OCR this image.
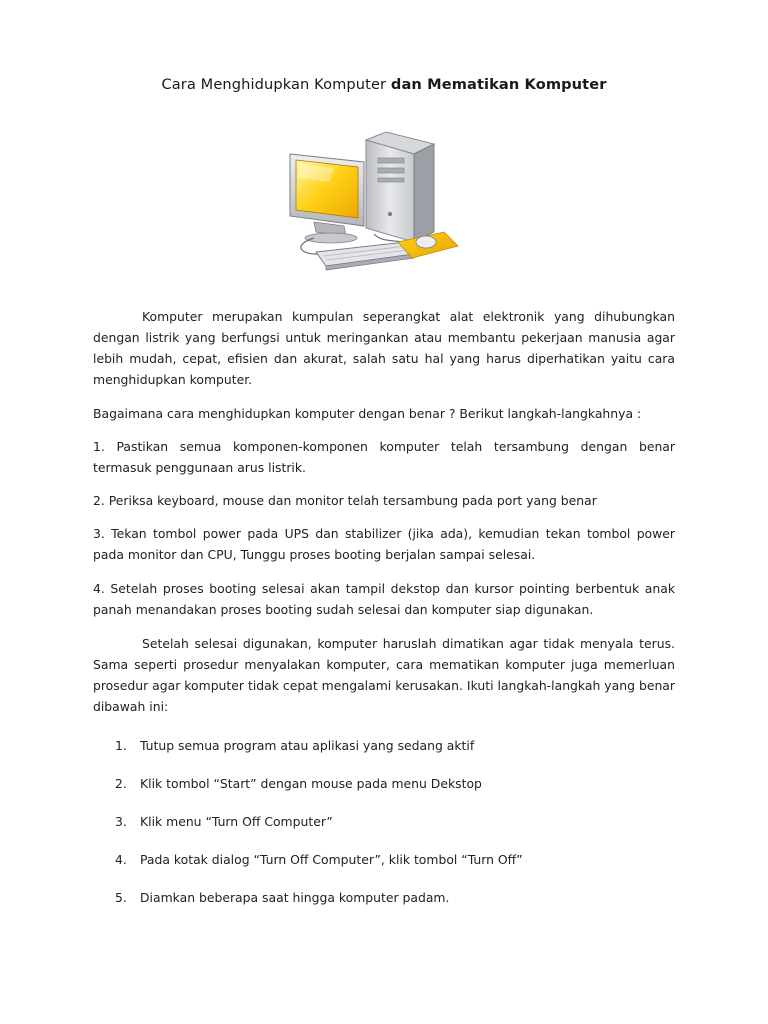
Cara Menghidupkan Komputer dan Mematikan Komputer
Komputer merupakan kumpulan seperangkat alat elektronik yang dihubungkan dengan listrik yang berfungsi untuk meringankan atau membantu pekerjaan manusia agar lebih mudah, cepat, efisien dan akurat, salah satu hal yang harus diperhatikan yaitu cara menghidupkan komputer.
Bagaimana cara menghidupkan komputer dengan benar ? Berikut langkah-langkahnya :
1. Pastikan semua komponen-komponen komputer telah tersambung dengan benar termasuk penggunaan arus listrik.
2. Periksa keyboard, mouse dan monitor telah tersambung pada port yang benar
3. Tekan tombol power pada UPS dan stabilizer (jika ada), kemudian tekan tombol power pada monitor dan CPU, Tunggu proses booting berjalan sampai selesai.
4. Setelah proses booting selesai akan tampil dekstop dan kursor pointing berbentuk anak panah menandakan proses booting sudah selesai dan komputer siap digunakan.
Setelah selesai digunakan, komputer haruslah dimatikan agar tidak menyala terus. Sama seperti prosedur menyalakan komputer, cara mematikan komputer juga memerluan prosedur agar komputer tidak cepat mengalami kerusakan. Ikuti langkah-langkah yang benar dibawah ini:
1. Tutup semua program atau aplikasi yang sedang aktif
2. Klik tombol “Start” dengan mouse pada menu Dekstop
3. Klik menu “Turn Off Computer”
4. Pada kotak dialog “Turn Off Computer”, klik tombol “Turn Off”
5. Diamkan beberapa saat hingga komputer padam.
